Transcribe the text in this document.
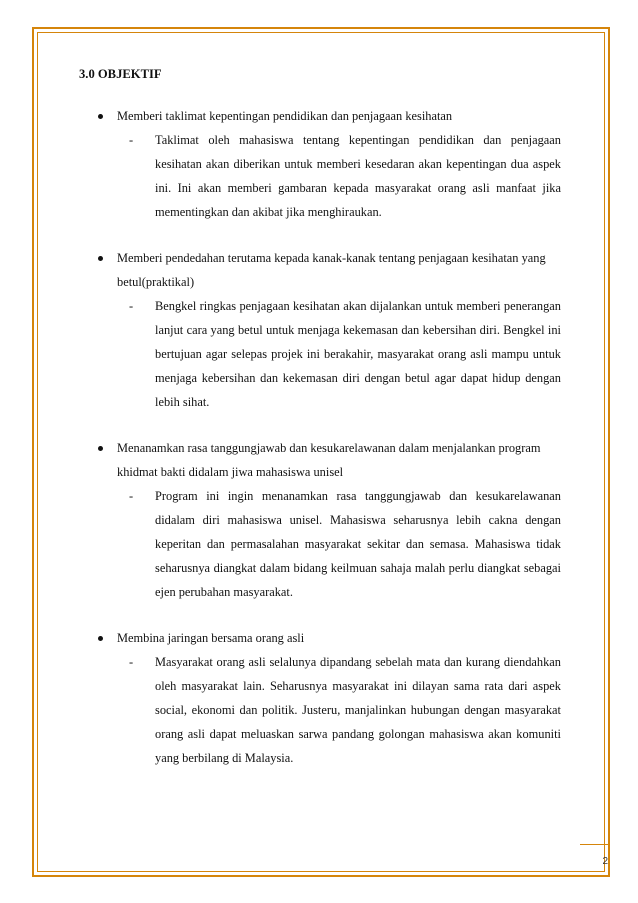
3.0 OBJEKTIF
Memberi taklimat kepentingan pendidikan dan penjagaan kesihatan
- Taklimat oleh mahasiswa tentang kepentingan pendidikan dan penjagaan kesihatan akan diberikan untuk memberi kesedaran akan kepentingan dua aspek ini. Ini akan memberi gambaran kepada masyarakat orang asli manfaat jika mementingkan dan akibat jika menghiraukan.
Memberi pendedahan terutama kepada kanak-kanak tentang penjagaan kesihatan yang betul(praktikal)
- Bengkel ringkas penjagaan kesihatan akan dijalankan untuk memberi penerangan lanjut cara yang betul untuk menjaga kekemasan dan kebersihan diri. Bengkel ini bertujuan agar selepas projek ini berakahir, masyarakat orang asli mampu untuk menjaga kebersihan dan kekemasan diri dengan betul agar dapat hidup dengan lebih sihat.
Menanamkan rasa tanggungjawab dan kesukarelawanan dalam menjalankan program khidmat bakti didalam jiwa mahasiswa unisel
- Program ini ingin menanamkan rasa tanggungjawab dan kesukarelawanan didalam diri mahasiswa unisel. Mahasiswa seharusnya lebih cakna dengan keperitan dan permasalahan masyarakat sekitar dan semasa. Mahasiswa tidak seharusnya diangkat dalam bidang keilmuan sahaja malah perlu diangkat sebagai ejen perubahan masyarakat.
Membina jaringan bersama orang asli
- Masyarakat orang asli selalunya dipandang sebelah mata dan kurang diendahkan oleh masyarakat lain. Seharusnya masyarakat ini dilayan sama rata dari aspek social, ekonomi dan politik. Justeru, manjalinkan hubungan dengan masyarakat orang asli dapat meluaskan sarwa pandang golongan mahasiswa akan komuniti yang berbilang di Malaysia.
2
